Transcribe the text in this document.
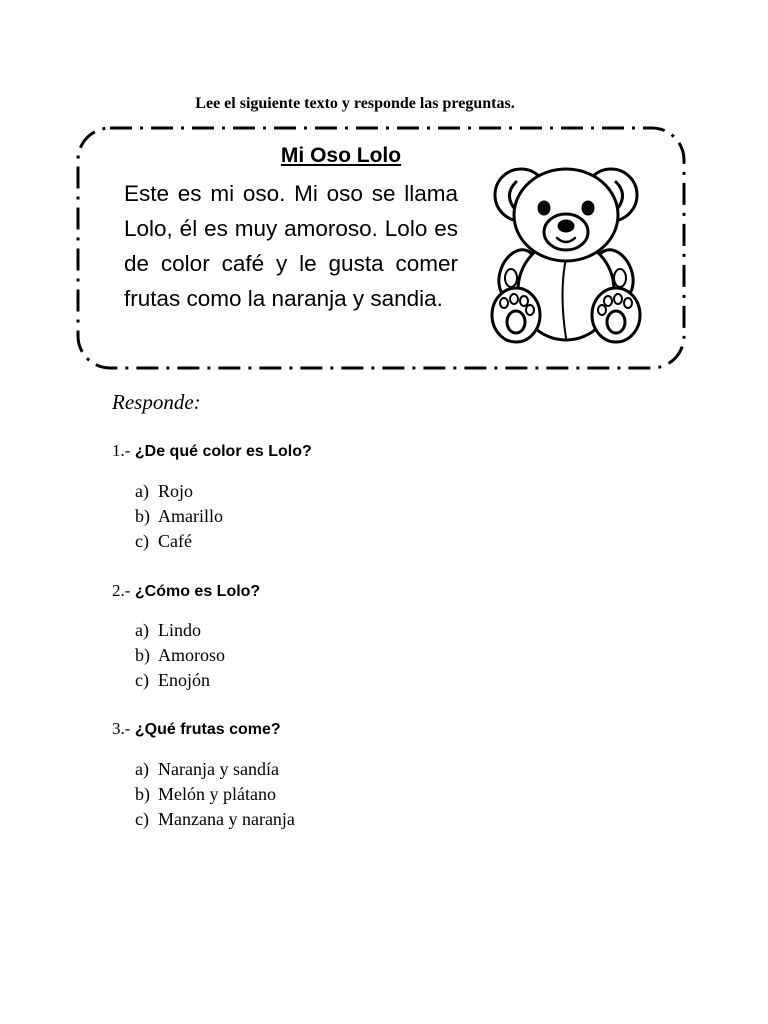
Lee el siguiente texto y responde las preguntas.
Mi Oso Lolo
Este es mi oso. Mi oso se llama Lolo, él es muy amoroso. Lolo es de color café y le gusta comer frutas como la naranja y sandia.
Responde:
1.- ¿De qué color es Lolo?
a) Rojo
b) Amarillo
c) Café
2.- ¿Cómo es Lolo?
a) Lindo
b) Amoroso
c) Enojón
3.- ¿Qué frutas come?
a) Naranja y sandía
b) Melón y plátano
c) Manzana y naranja
